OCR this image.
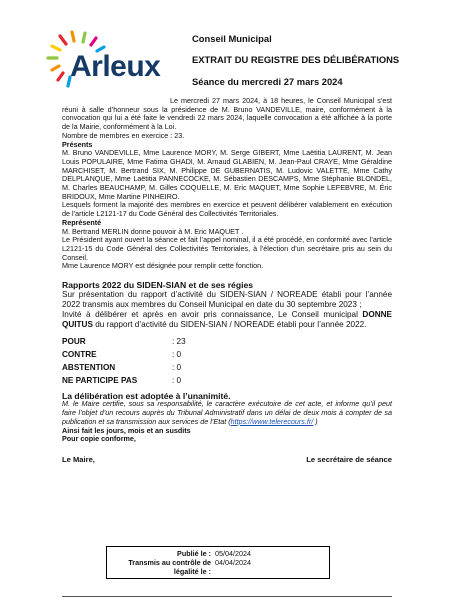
Arleux
Conseil Municipal
EXTRAIT DU REGISTRE DES DÉLIBÉRATIONS
Séance du mercredi 27 mars 2024

Le mercredi 27 mars 2024, à 18 heures, le Conseil Municipal s’est réuni à salle d’honneur sous la présidence de M. Bruno VANDEVILLE, maire, conformément à la convocation qui lui a été faite le vendredi 22 mars 2024, laquelle convocation a été affichée à la porte de la Mairie, conformément à la Loi.

Nombre de membres en exercice : 23.

Présents

M. Bruno VANDEVILLE, Mme Laurence MORY, M. Serge GIBERT, Mme Laëtitia LAURENT, M. Jean Louis POPULAIRE, Mme Fatima GHADI, M. Arnaud GLABIEN, M. Jean-Paul CRAYE, Mme Géraldine MARCHISET, M. Bertrand SIX, M. Philippe DE GUBERNATIS, M. Ludovic VALETTE, Mme Cathy DELPLANQUE, Mme Laëtitia PANNECOCKE, M. Sébastien DESCAMPS, Mme Stéphanie BLONDEL, M. Charles BEAUCHAMP, M. Gilles COQUELLE, M. Eric MAQUET, Mme Sophie LEFEBVRE, M. Éric BRIDOUX, Mme Martine PINHEIRO.

Lesquels forment la majorité des membres en exercice et peuvent délibérer valablement en exécution de l’article L2121-17 du Code Général des Collectivités Territoriales.

Représenté

M. Bertrand MERLIN donne pouvoir à M. Eric MAQUET .

Le Président ayant ouvert la séance et fait l’appel nominal, il a été procédé, en conformité avec l’article L2121-15 du Code Général des Collectivités Territoriales, à l’élection d’un secrétaire pris au sein du Conseil.

Mme Laurence MORY est désignée pour remplir cette fonction.

Rapports 2022 du SIDEN-SIAN et de ses régies

Sur présentation du rapport d’activité du SIDEN-SIAN / NOREADE établi pour l’année 2022 transmis aux membres du Conseil Municipal en date du 30 septembre 2023 ;

Invité à délibérer et après en avoir pris connaissance, Le Conseil municipal DONNE QUITUS du rapport d’activité du SIDEN-SIAN / NOREADE établi pour l’année 2022.

POUR	: 23
CONTRE	: 0
ABSTENTION	: 0
NE PARTICIPE PAS	: 0
La délibération est adoptée à l’unanimité.

M. le Maire certifie, sous sa responsabilité, le caractère exécutoire de cet acte, et informe qu’il peut faire l’objet d’un recours auprès du Tribunal Administratif dans un délai de deux mois à compter de sa publication et sa transmission aux services de l’Etat (https://www.telerecours.fr/ )

Ainsi fait les jours, mois et an susdits

Pour copie conforme,

Le Maire,	Le secrétaire de séance
Publié le : 05/04/2024
Transmis au contrôle de légalité le :
04/04/2024
